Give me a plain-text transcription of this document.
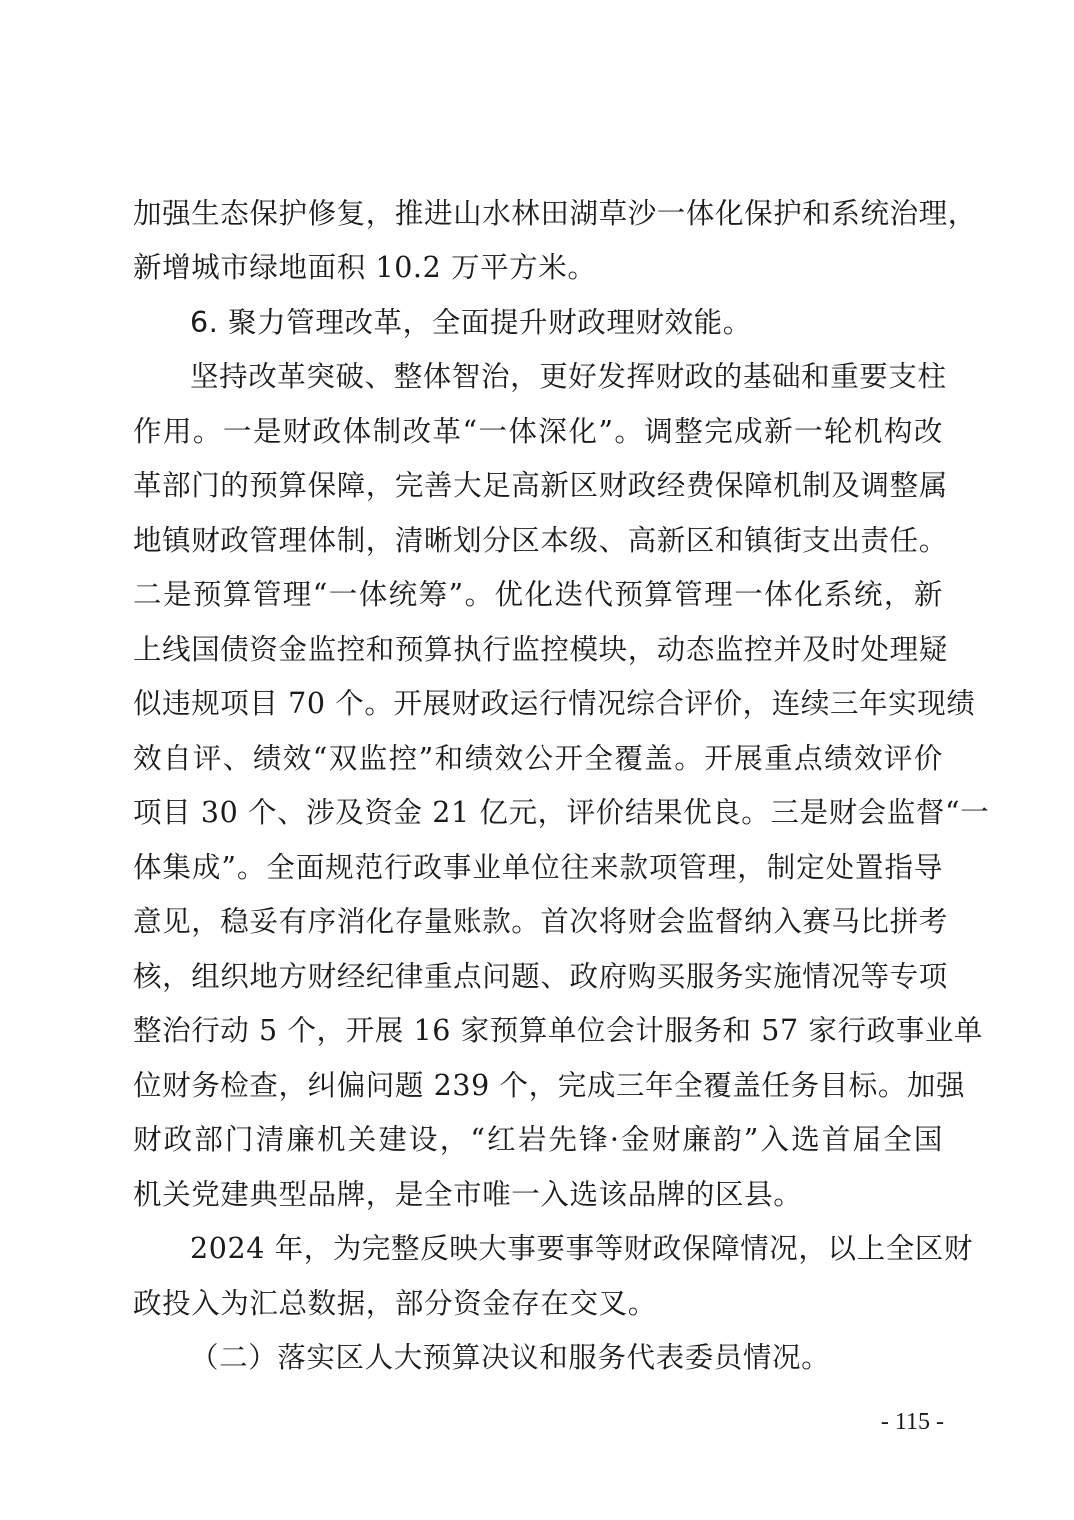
加强生态保护修复，推进山水林田湖草沙一体化保护和系统治理，
新增城市绿地面积 10.2 万平方米。
6. 聚力管理改革，全面提升财政理财效能。
坚持改革突破、整体智治，更好发挥财政的基础和重要支柱
作用。一是财政体制改革“一体深化”。调整完成新一轮机构改
革部门的预算保障，完善大足高新区财政经费保障机制及调整属
地镇财政管理体制，清晰划分区本级、高新区和镇街支出责任。
二是预算管理“一体统筹”。优化迭代预算管理一体化系统，新
上线国债资金监控和预算执行监控模块，动态监控并及时处理疑
似违规项目 70 个。开展财政运行情况综合评价，连续三年实现绩
效自评、绩效“双监控”和绩效公开全覆盖。开展重点绩效评价
项目 30 个、涉及资金 21 亿元，评价结果优良。三是财会监督“一
体集成”。全面规范行政事业单位往来款项管理，制定处置指导
意见，稳妥有序消化存量账款。首次将财会监督纳入赛马比拼考
核，组织地方财经纪律重点问题、政府购买服务实施情况等专项
整治行动 5 个，开展 16 家预算单位会计服务和 57 家行政事业单
位财务检查，纠偏问题 239 个，完成三年全覆盖任务目标。加强
财政部门清廉机关建设，“红岩先锋·金财廉韵”入选首届全国
机关党建典型品牌，是全市唯一入选该品牌的区县。
2024 年，为完整反映大事要事等财政保障情况，以上全区财
政投入为汇总数据，部分资金存在交叉。
（二）落实区人大预算决议和服务代表委员情况。
- 115 -
